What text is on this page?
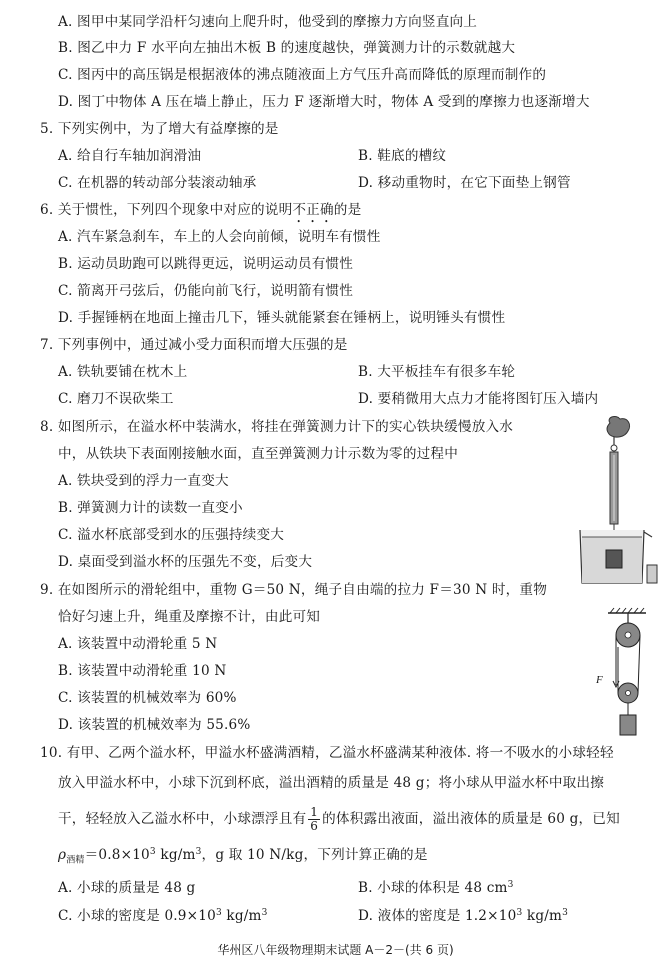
A. 图甲中某同学沿杆匀速向上爬升时，他受到的摩擦力方向竖直向上
B. 图乙中力 F 水平向左抽出木板 B 的速度越快，弹簧测力计的示数就越大
C. 图丙中的高压锅是根据液体的沸点随液面上方气压升高而降低的原理而制作的
D. 图丁中物体 A 压在墙上静止，压力 F 逐渐增大时，物体 A 受到的摩擦力也逐渐增大
5. 下列实例中，为了增大有益摩擦的是
A. 给自行车轴加润滑油	B. 鞋底的槽纹
C. 在机器的转动部分装滚动轴承	D. 移动重物时，在它下面垫上钢管
6. 关于惯性，下列四个现象中对应的说明不正确的是
A. 汽车紧急刹车，车上的人会向前倾，说明车有惯性
B. 运动员助跑可以跳得更远，说明运动员有惯性
C. 箭离开弓弦后，仍能向前飞行，说明箭有惯性
D. 手握锤柄在地面上撞击几下，锤头就能紧套在锤柄上，说明锤头有惯性
7. 下列事例中，通过减小受力面积而增大压强的是
A. 铁轨要铺在枕木上	B. 大平板挂车有很多车轮
C. 磨刀不误砍柴工	D. 要稍微用大点力才能将图钉压入墙内
8. 如图所示，在溢水杯中装满水，将挂在弹簧测力计下的实心铁块缓慢放入水
中，从铁块下表面刚接触水面，直至弹簧测力计示数为零的过程中
A. 铁块受到的浮力一直变大
B. 弹簧测力计的读数一直变小
C. 溢水杯底部受到水的压强持续变大
D. 桌面受到溢水杯的压强先不变，后变大
9. 在如图所示的滑轮组中，重物 G＝50 N，绳子自由端的拉力 F＝30 N 时，重物
恰好匀速上升，绳重及摩擦不计，由此可知
A. 该装置中动滑轮重 5 N
B. 该装置中动滑轮重 10 N
C. 该装置的机械效率为 60%
D. 该装置的机械效率为 55.6%
F
10. 有甲、乙两个溢水杯，甲溢水杯盛满酒精，乙溢水杯盛满某种液体. 将一不吸水的小球轻轻
放入甲溢水杯中，小球下沉到杯底，溢出酒精的质量是 48 g；将小球从甲溢水杯中取出擦
干，轻轻放入乙溢水杯中，小球漂浮且有 $\frac{1}{6}$ 的体积露出液面，溢出液体的质量是 60 g，已知
$\rho_{酒精}=0.8\times 10^3$ $kg/m^3$，g 取 10 N/kg，下列计算正确的是
A. 小球的质量是 48 g	B. 小球的体积是 48 $cm^3$
C. 小球的密度是 $0.9\times 10^3$ $kg/m^3$	D. 液体的密度是 $1.2\times 10^3$ $kg/m^3$
华州区八年级物理期末试题 A－2－(共 6 页)
